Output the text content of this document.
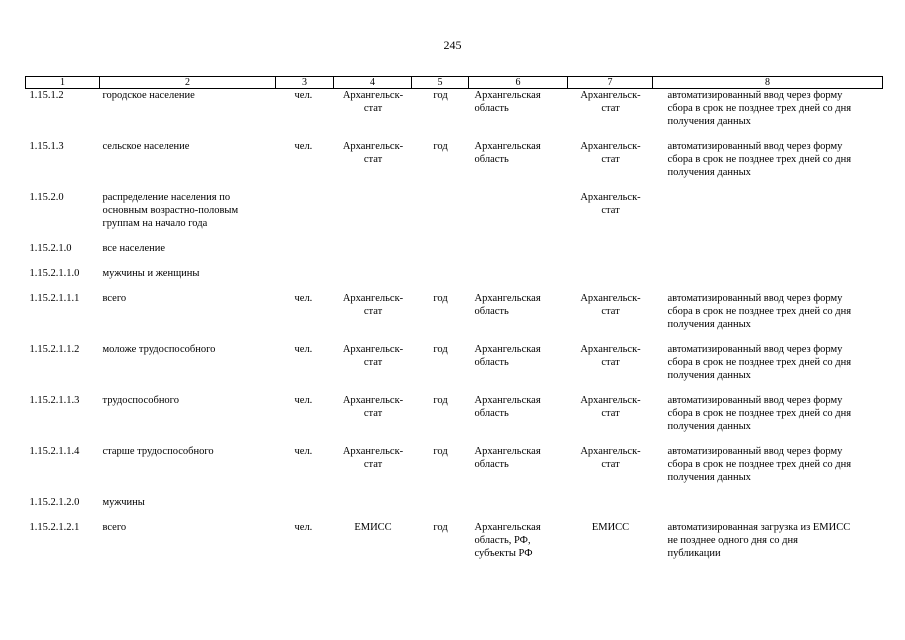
245
1	2	3	4	5	6	7	8
1.15.1.2	городское население	чел.	Архангельск-
стат	год	Архангельская
область	Архангельск-
стат	автоматизированный ввод через форму
сбора в срок не позднее трех дней со дня
получения данных
1.15.1.3	сельское население	чел.	Архангельск-
стат	год	Архангельская
область	Архангельск-
стат	автоматизированный ввод через форму
сбора в срок не позднее трех дней со дня
получения данных
1.15.2.0	распределение населения по
основным возрастно-половым
группам на начало года					Архангельск-
стат	
1.15.2.1.0	все население						
1.15.2.1.1.0	мужчины и женщины						
1.15.2.1.1.1	всего	чел.	Архангельск-
стат	год	Архангельская
область	Архангельск-
стат	автоматизированный ввод через форму
сбора в срок не позднее трех дней со дня
получения данных
1.15.2.1.1.2	моложе трудоспособного	чел.	Архангельск-
стат	год	Архангельская
область	Архангельск-
стат	автоматизированный ввод через форму
сбора в срок не позднее трех дней со дня
получения данных
1.15.2.1.1.3	трудоспособного	чел.	Архангельск-
стат	год	Архангельская
область	Архангельск-
стат	автоматизированный ввод через форму
сбора в срок не позднее трех дней со дня
получения данных
1.15.2.1.1.4	старше трудоспособного	чел.	Архангельск-
стат	год	Архангельская
область	Архангельск-
стат	автоматизированный ввод через форму
сбора в срок не позднее трех дней со дня
получения данных
1.15.2.1.2.0	мужчины						
1.15.2.1.2.1	всего	чел.	ЕМИСС	год	Архангельская
область, РФ,
субъекты РФ	ЕМИСС	автоматизированная загрузка из ЕМИСС
не позднее одного дня со дня
публикации
